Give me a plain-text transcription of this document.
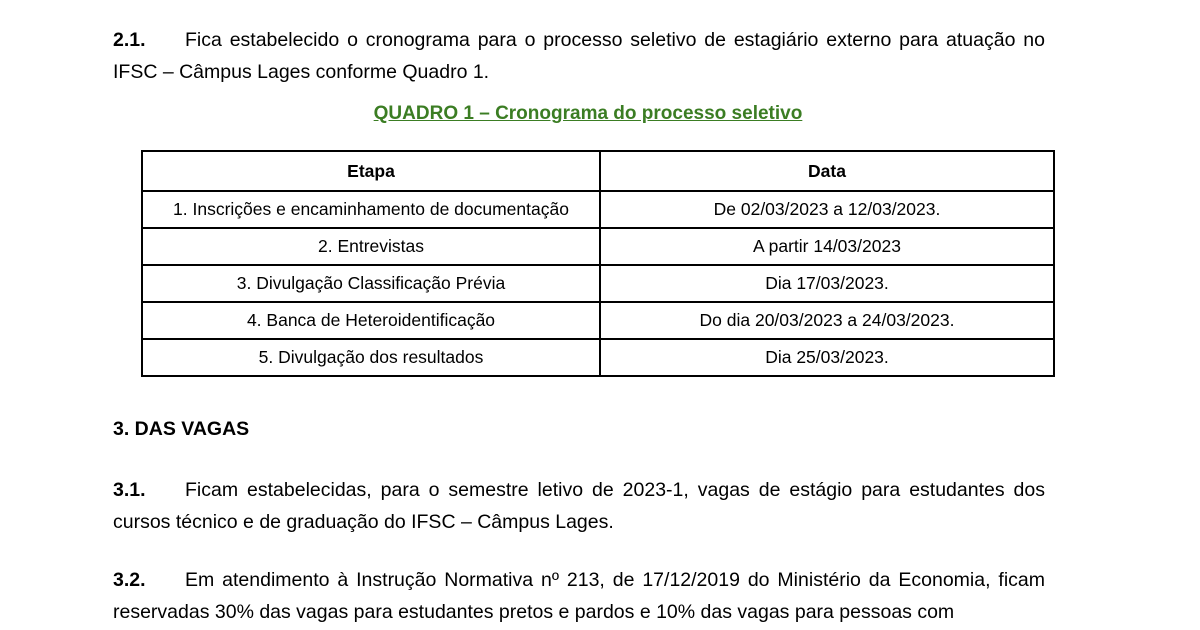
2.1. Fica estabelecido o cronograma para o processo seletivo de estagiário externo para atuação no IFSC – Câmpus Lages conforme Quadro 1.
QUADRO 1 – Cronograma do processo seletivo
Etapa	Data
1. Inscrições e encaminhamento de documentação	De 02/03/2023 a 12/03/2023.
2. Entrevistas	A partir 14/03/2023
3. Divulgação Classificação Prévia	Dia 17/03/2023.
4. Banca de Heteroidentificação	Do dia 20/03/2023 a 24/03/2023.
5. Divulgação dos resultados	Dia 25/03/2023.
3. DAS VAGAS
3.1. Ficam estabelecidas, para o semestre letivo de 2023-1, vagas de estágio para estudantes dos cursos técnico e de graduação do IFSC – Câmpus Lages.
3.2. Em atendimento à Instrução Normativa nº 213, de 17/12/2019 do Ministério da Economia, ficam reservadas 30% das vagas para estudantes pretos e pardos e 10% das vagas para pessoas com
